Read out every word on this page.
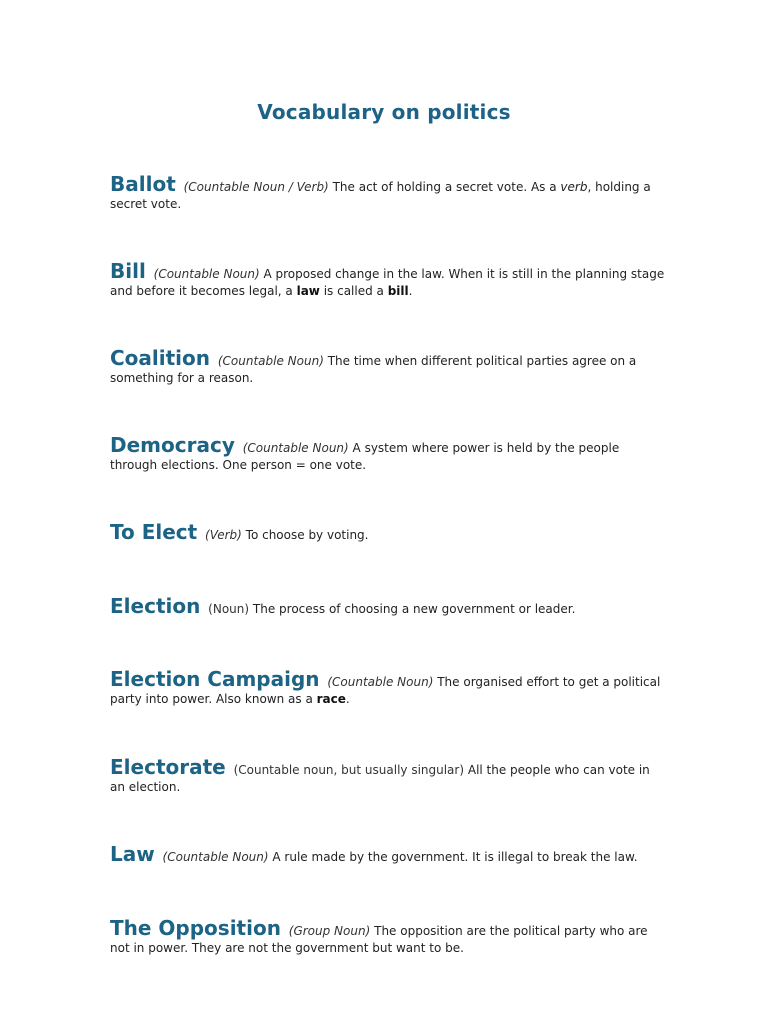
Vocabulary on politics
Ballot (Countable Noun / Verb) The act of holding a secret vote. As a verb, holding a secret vote.
Bill (Countable Noun) A proposed change in the law. When it is still in the planning stage and before it becomes legal, a law is called a bill.
Coalition (Countable Noun) The time when different political parties agree on a something for a reason.
Democracy (Countable Noun) A system where power is held by the people through elections. One person = one vote.
To Elect (Verb) To choose by voting.
Election (Noun) The process of choosing a new government or leader.
Election Campaign (Countable Noun) The organised effort to get a political party into power. Also known as a race.
Electorate (Countable noun, but usually singular) All the people who can vote in an election.
Law (Countable Noun) A rule made by the government. It is illegal to break the law.
The Opposition (Group Noun) The opposition are the political party who are not in power. They are not the government but want to be.
